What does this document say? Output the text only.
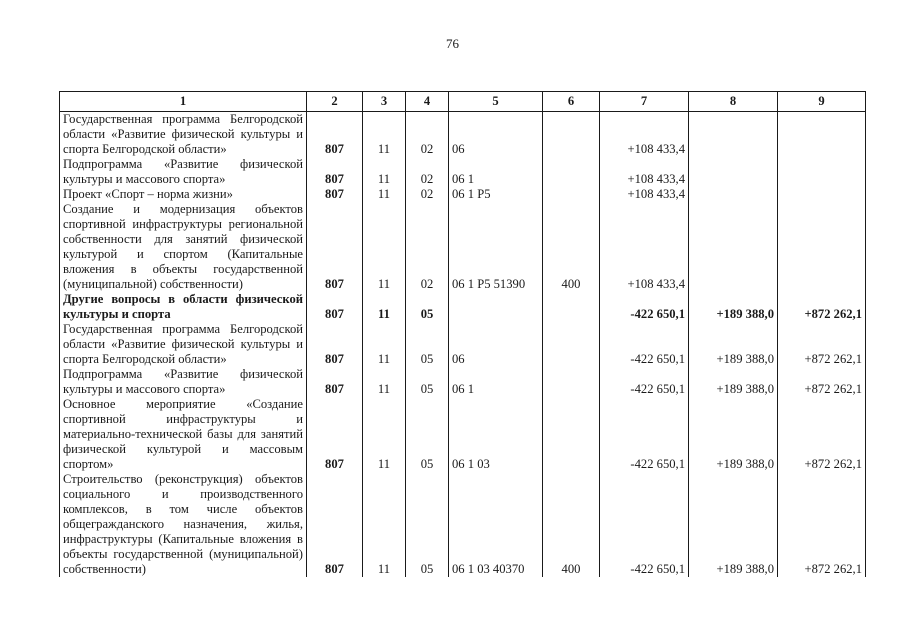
76
1	2	3	4	5	6	7	8	9
Государственная программа Белгородской области «Развитие физической культуры и спорта Белгородской области»	807	11	02	06		+108 433,4		
Подпрограмма «Развитие физической культуры и массового спорта»	807	11	02	06 1		+108 433,4		
Проект «Спорт – норма жизни»	807	11	02	06 1 P5		+108 433,4		
Создание и модернизация объектов спортивной инфраструктуры региональной собственности для занятий физической культурой и спортом (Капитальные вложения в объекты государственной (муниципальной) собственности)	807	11	02	06 1 P5 51390	400	+108 433,4		
Другие вопросы в области физической культуры и спорта	807	11	05			-422 650,1	+189 388,0	+872 262,1
Государственная программа Белгородской области «Развитие физической культуры и спорта Белгородской области»	807	11	05	06		-422 650,1	+189 388,0	+872 262,1
Подпрограмма «Развитие физической культуры и массового спорта»	807	11	05	06 1		-422 650,1	+189 388,0	+872 262,1
Основное мероприятие «Создание спортивной инфраструктуры и материально-технической базы для занятий физической культурой и массовым спортом»	807	11	05	06 1 03		-422 650,1	+189 388,0	+872 262,1
Строительство (реконструкция) объектов социального и производственного комплексов, в том числе объектов общегражданского назначения, жилья, инфраструктуры (Капитальные вложения в объекты государственной (муниципальной) собственности)	807	11	05	06 1 03 40370	400	-422 650,1	+189 388,0	+872 262,1
